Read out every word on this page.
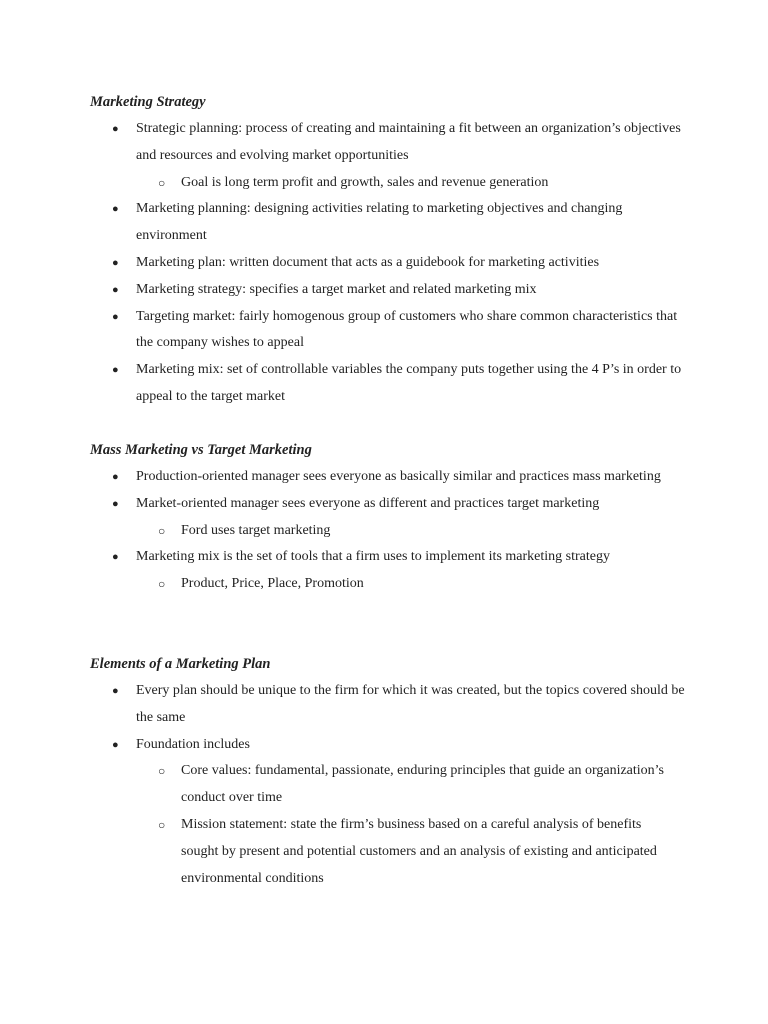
Marketing Strategy

● Strategic planning: process of creating and maintaining a fit between an organization’s objectives and resources and evolving market opportunities
○ Goal is long term profit and growth, sales and revenue generation
● Marketing planning: designing activities relating to marketing objectives and changing environment
● Marketing plan: written document that acts as a guidebook for marketing activities
● Marketing strategy: specifies a target market and related marketing mix
● Targeting market: fairly homogenous group of customers who share common characteristics that the company wishes to appeal
● Marketing mix: set of controllable variables the company puts together using the 4 P’s in order to appeal to the target market

Mass Marketing vs Target Marketing

● Production-oriented manager sees everyone as basically similar and practices mass marketing
● Market-oriented manager sees everyone as different and practices target marketing
○ Ford uses target marketing
● Marketing mix is the set of tools that a firm uses to implement its marketing strategy
○ Product, Price, Place, Promotion

Elements of a Marketing Plan

● Every plan should be unique to the firm for which it was created, but the topics covered should be the same
● Foundation includes
○ Core values: fundamental, passionate, enduring principles that guide an organization’s conduct over time
○ Mission statement: state the firm’s business based on a careful analysis of benefits sought by present and potential customers and an analysis of existing and anticipated environmental conditions
